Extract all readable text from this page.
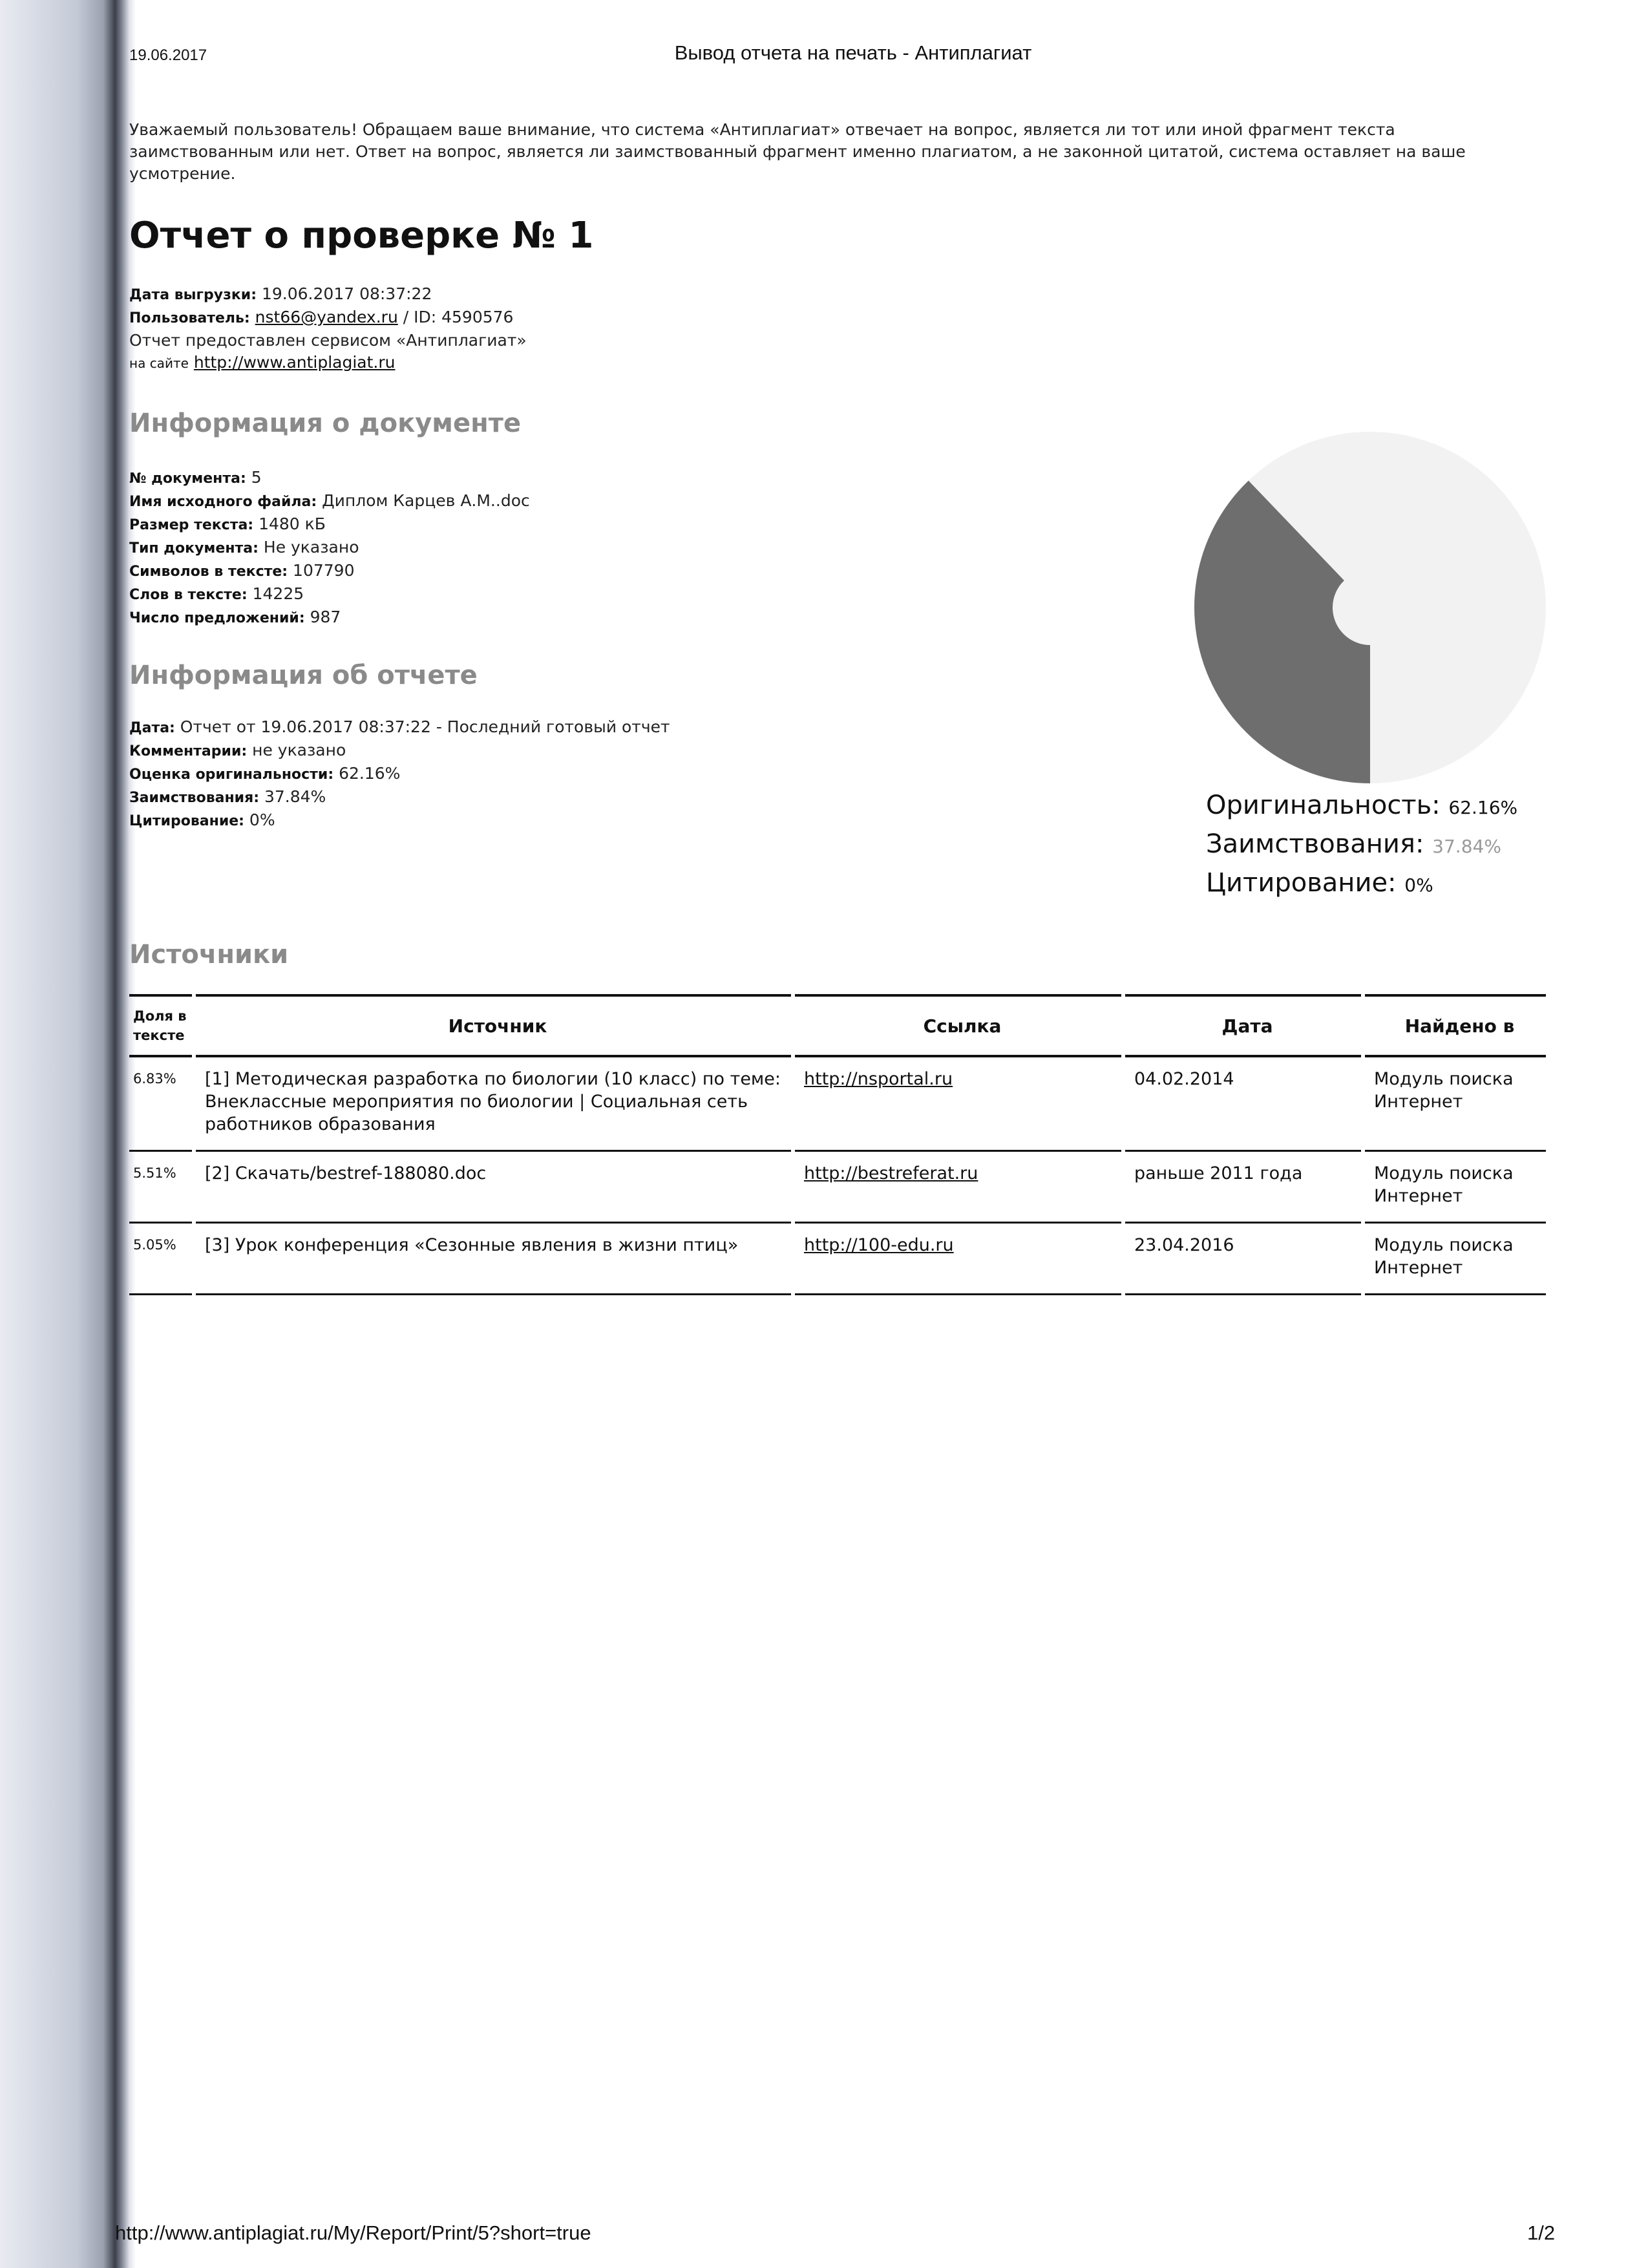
19.06.2017	Вывод отчета на печать - Антиплагиат
Уважаемый пользователь! Обращаем ваше внимание, что система «Антиплагиат» отвечает на вопрос, является ли тот или иной фрагмент текста заимствованным или нет. Ответ на вопрос, является ли заимствованный фрагмент именно плагиатом, а не законной цитатой, система оставляет на ваше усмотрение.
Отчет о проверке № 1
Дата выгрузки: 19.06.2017 08:37:22
Пользователь: nst66@yandex.ru / ID: 4590576
Отчет предоставлен сервисом «Антиплагиат»
на сайте http://www.antiplagiat.ru
Информация о документе
№ документа: 5
Имя исходного файла: Диплом Карцев А.М..doc
Размер текста: 1480 кБ
Тип документа: Не указано
Символов в тексте: 107790
Слов в тексте: 14225
Число предложений: 987
Информация об отчете
Дата: Отчет от 19.06.2017 08:37:22 - Последний готовый отчет
Комментарии: не указано
Оценка оригинальности: 62.16%
Заимствования: 37.84%
Цитирование: 0%	Оригинальность: 62.16%
Заимствования: 37.84%
Цитирование: 0%
Источники
Доля в тексте	Источник	Ссылка	Дата	Найдено в
6.83%	[1] Методическая разработка по биологии (10 класс) по теме: Внеклассные мероприятия по биологии | Социальная сеть работников образования	http://nsportal.ru	04.02.2014	Модуль поиска Интернет
5.51%	[2] Скачать/bestref-188080.doc	http://bestreferat.ru	раньше 2011 года	Модуль поиска Интернет
5.05%	[3] Урок конференция «Сезонные явления в жизни птиц»	http://100-edu.ru	23.04.2016	Модуль поиска Интернет
http://www.antiplagiat.ru/My/Report/Print/5?short=true	1/2
